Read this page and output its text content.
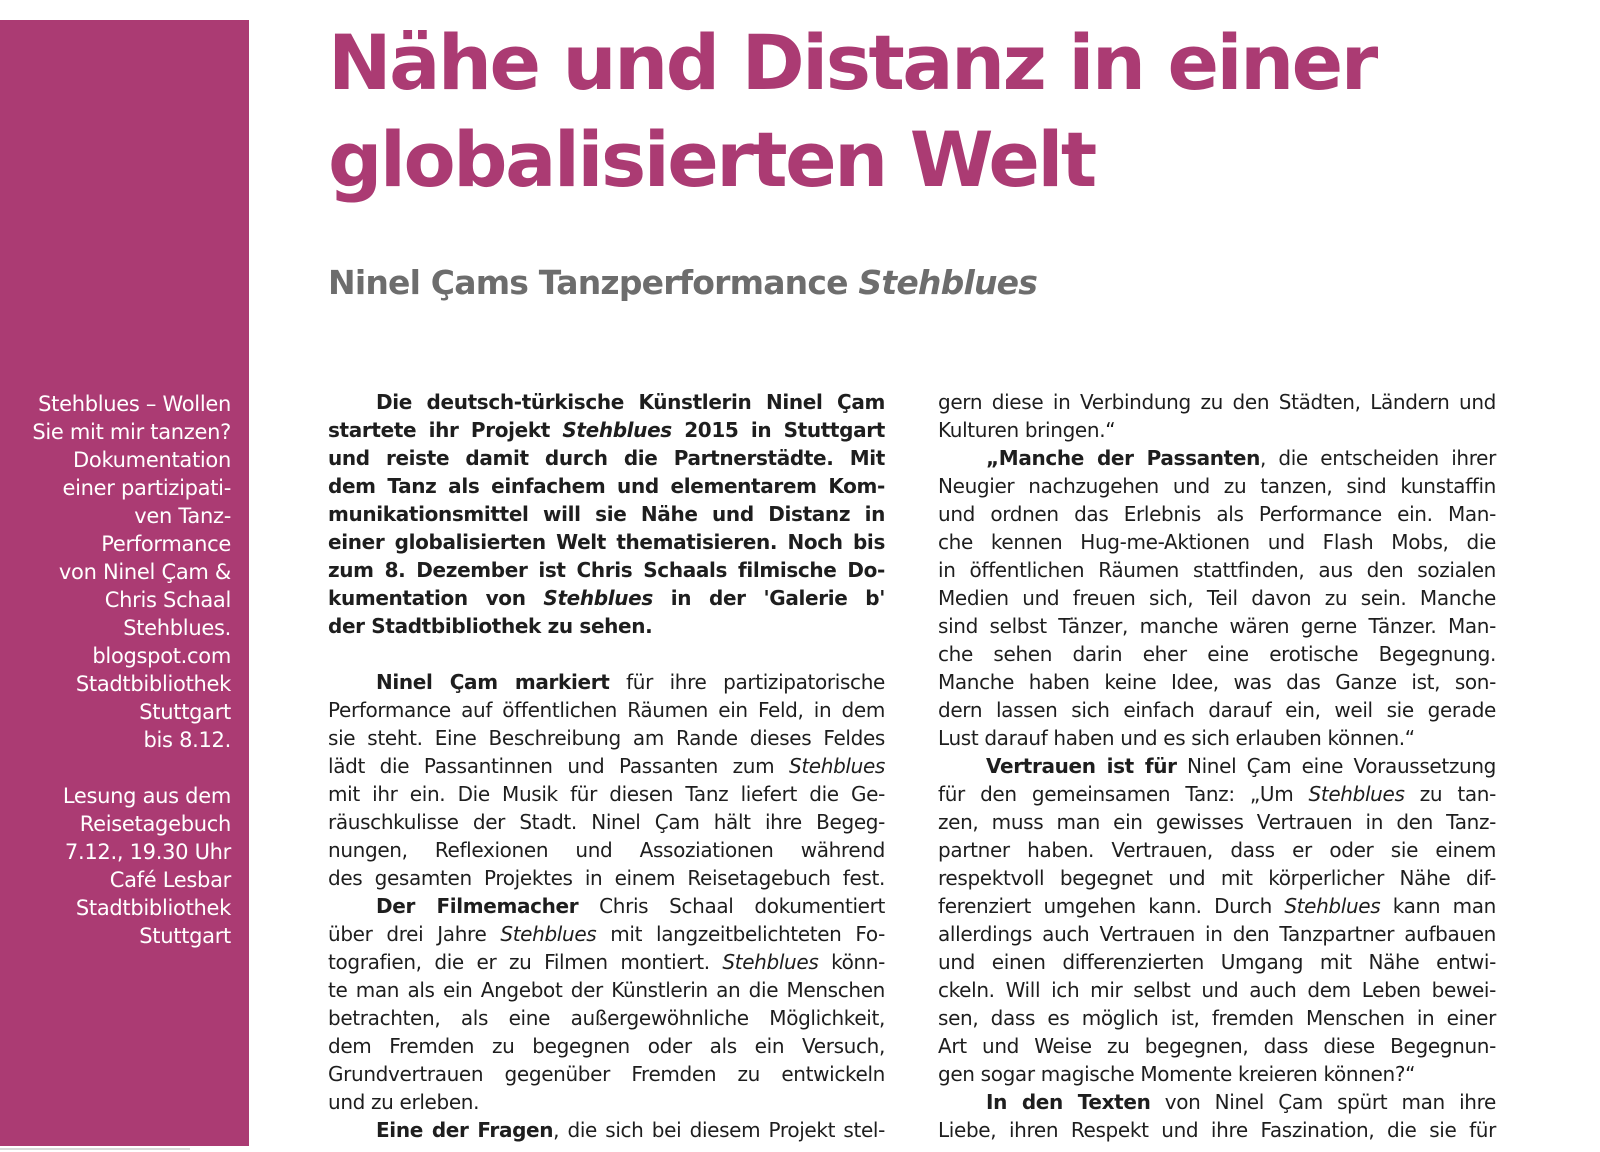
Stehblues – Wollen
Sie mit mir tanzen?
Dokumentation
einer partizipati-
ven Tanz-
Performance
von Ninel Çam &
Chris Schaal
Stehblues.
blogspot.com
Stadtbibliothek
Stuttgart
bis 8.12.
Lesung aus dem
Reisetagebuch
7.12., 19.30 Uhr
Café Lesbar
Stadtbibliothek
Stuttgart
Nähe und Distanz in einer
globalisierten Welt
Ninel Çams Tanzperformance Stehblues
Die deutsch-türkische Künstlerin Ninel Çam
startete ihr Projekt Stehblues 2015 in Stuttgart
und reiste damit durch die Partnerstädte. Mit
dem Tanz als einfachem und elementarem Kom-
munikationsmittel will sie Nähe und Distanz in
einer globalisierten Welt thematisieren. Noch bis
zum 8. Dezember ist Chris Schaals filmische Do-
kumentation von Stehblues in der 'Galerie b'
der Stadtbibliothek zu sehen.
Ninel Çam markiert für ihre partizipatorische
Performance auf öffentlichen Räumen ein Feld, in dem
sie steht. Eine Beschreibung am Rande dieses Feldes
lädt die Passantinnen und Passanten zum Stehblues
mit ihr ein. Die Musik für diesen Tanz liefert die Ge-
räuschkulisse der Stadt. Ninel Çam hält ihre Begeg-
nungen, Reflexionen und Assoziationen während
des gesamten Projektes in einem Reisetagebuch fest.
Der Filmemacher Chris Schaal dokumentiert
über drei Jahre Stehblues mit langzeitbelichteten Fo-
tografien, die er zu Filmen montiert. Stehblues könn-
te man als ein Angebot der Künstlerin an die Menschen
betrachten, als eine außergewöhnliche Möglichkeit,
dem Fremden zu begegnen oder als ein Versuch,
Grundvertrauen gegenüber Fremden zu entwickeln
und zu erleben.
Eine der Fragen, die sich bei diesem Projekt stel-
gern diese in Verbindung zu den Städten, Ländern und
Kulturen bringen.“
„Manche der Passanten, die entscheiden ihrer
Neugier nachzugehen und zu tanzen, sind kunstaffin
und ordnen das Erlebnis als Performance ein. Man-
che kennen Hug-me-Aktionen und Flash Mobs, die
in öffentlichen Räumen stattfinden, aus den sozialen
Medien und freuen sich, Teil davon zu sein. Manche
sind selbst Tänzer, manche wären gerne Tänzer. Man-
che sehen darin eher eine erotische Begegnung.
Manche haben keine Idee, was das Ganze ist, son-
dern lassen sich einfach darauf ein, weil sie gerade
Lust darauf haben und es sich erlauben können.“
Vertrauen ist für Ninel Çam eine Voraussetzung
für den gemeinsamen Tanz: „Um Stehblues zu tan-
zen, muss man ein gewisses Vertrauen in den Tanz-
partner haben. Vertrauen, dass er oder sie einem
respektvoll begegnet und mit körperlicher Nähe dif-
ferenziert umgehen kann. Durch Stehblues kann man
allerdings auch Vertrauen in den Tanzpartner aufbauen
und einen differenzierten Umgang mit Nähe entwi-
ckeln. Will ich mir selbst und auch dem Leben bewei-
sen, dass es möglich ist, fremden Menschen in einer
Art und Weise zu begegnen, dass diese Begegnun-
gen sogar magische Momente kreieren können?“
In den Texten von Ninel Çam spürt man ihre
Liebe, ihren Respekt und ihre Faszination, die sie für
